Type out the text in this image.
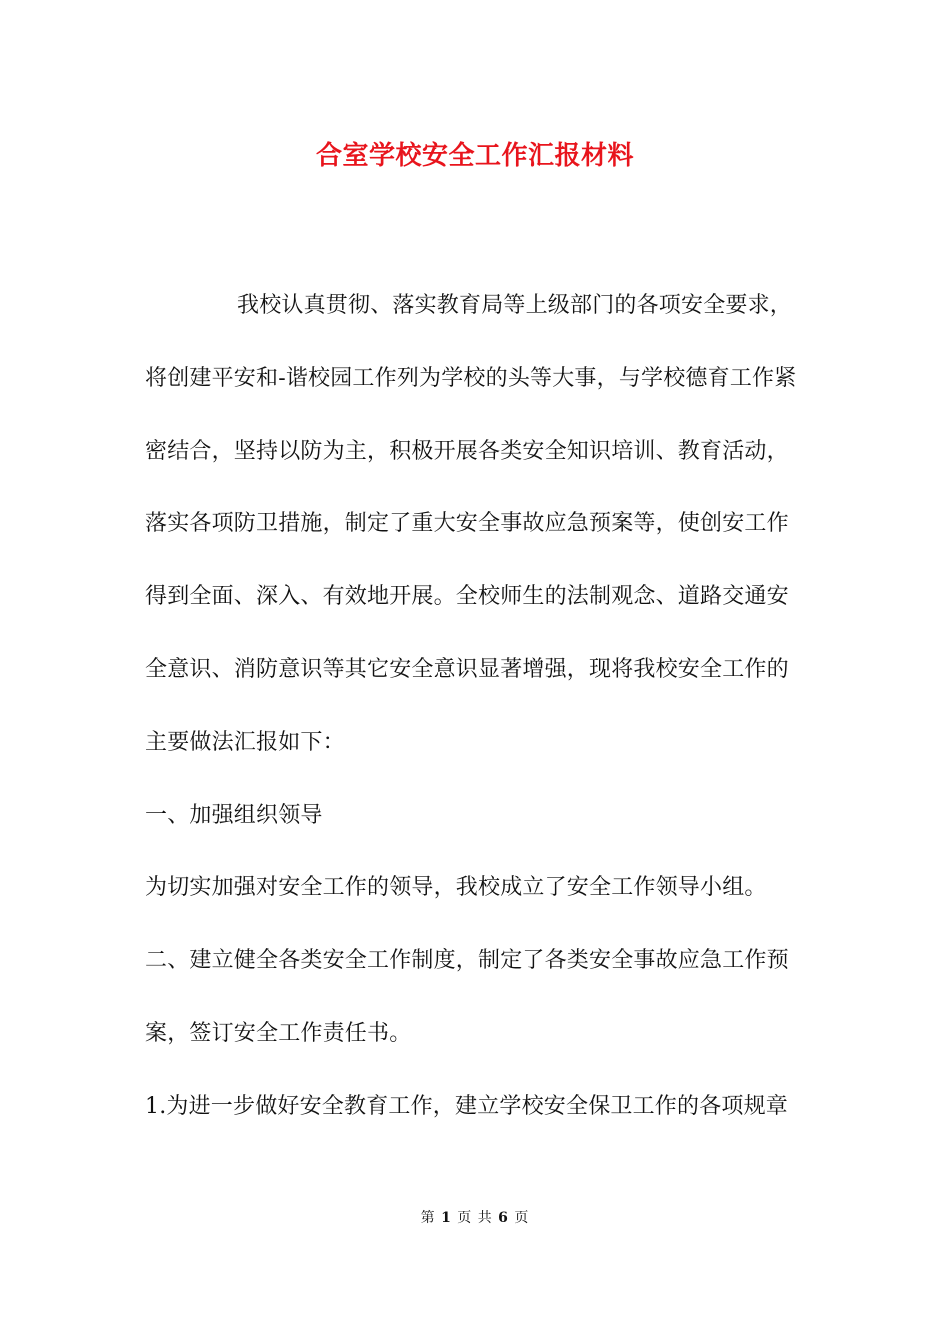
合室学校安全工作汇报材料
我校认真贯彻、落实教育局等上级部门的各项安全要求，
将创建平安和-谐校园工作列为学校的头等大事，与学校德育工作紧
密结合，坚持以防为主，积极开展各类安全知识培训、教育活动，
落实各项防卫措施，制定了重大安全事故应急预案等，使创安工作
得到全面、深入、有效地开展。全校师生的法制观念、道路交通安
全意识、消防意识等其它安全意识显著增强，现将我校安全工作的
主要做法汇报如下：
一、加强组织领导
为切实加强对安全工作的领导，我校成立了安全工作领导小组。
二、建立健全各类安全工作制度，制定了各类安全事故应急工作预
案，签订安全工作责任书。
1.为进一步做好安全教育工作，建立学校安全保卫工作的各项规章
第 1 页 共 6 页
